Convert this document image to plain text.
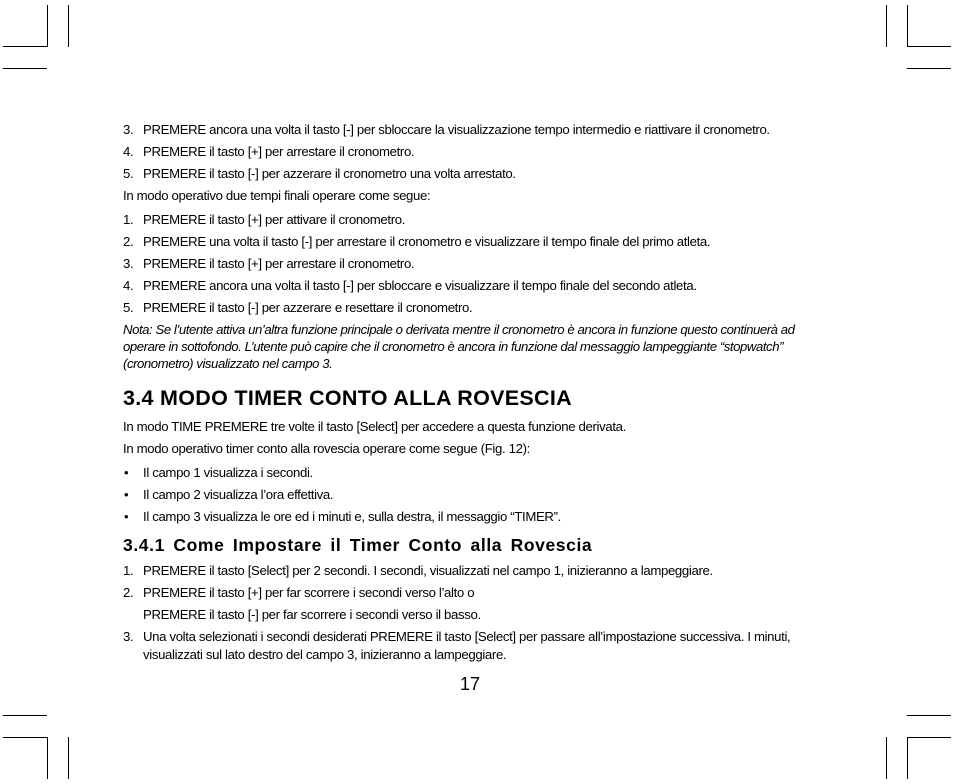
3. PREMERE ancora una volta il tasto [-] per sbloccare la visualizzazione tempo intermedio e riattivare il cronometro.
4. PREMERE il tasto [+] per arrestare il cronometro.
5. PREMERE il tasto [-] per azzerare il cronometro una volta arrestato.
In modo operativo due tempi finali operare come segue:
1. PREMERE il tasto [+] per attivare il cronometro.
2. PREMERE una volta il tasto [-] per arrestare il cronometro e visualizzare il tempo finale del primo atleta.
3. PREMERE il tasto [+] per arrestare il cronometro.
4. PREMERE ancora una volta il tasto [-] per sbloccare e visualizzare il tempo finale del secondo atleta.
5. PREMERE il tasto [-] per azzerare e resettare il cronometro.
Nota: Se l’utente attiva un’altra funzione principale o derivata mentre il cronometro è ancora in funzione questo continuerà ad operare in sottofondo. L’utente può capire che il cronometro è ancora in funzione dal messaggio lampeggiante “stopwatch” (cronometro) visualizzato nel campo 3.
3.4 MODO TIMER CONTO ALLA ROVESCIA
In modo TIME PREMERE tre volte il tasto [Select] per accedere a questa funzione derivata.
In modo operativo timer conto alla rovescia operare come segue (Fig. 12):
• Il campo 1 visualizza i secondi.
• Il campo 2 visualizza l’ora effettiva.
• Il campo 3 visualizza le ore ed i minuti e, sulla destra, il messaggio “TIMER”.
3.4.1 Come Impostare il Timer Conto alla Rovescia
1. PREMERE il tasto [Select] per 2 secondi. I secondi, visualizzati nel campo 1, inizieranno a lampeggiare.
2. PREMERE il tasto [+] per far scorrere i secondi verso l’alto o
PREMERE il tasto [-] per far scorrere i secondi verso il basso.
3. Una volta selezionati i secondi desiderati PREMERE il tasto [Select] per passare all’impostazione successiva. I minuti, visualizzati sul lato destro del campo 3, inizieranno a lampeggiare.
17
